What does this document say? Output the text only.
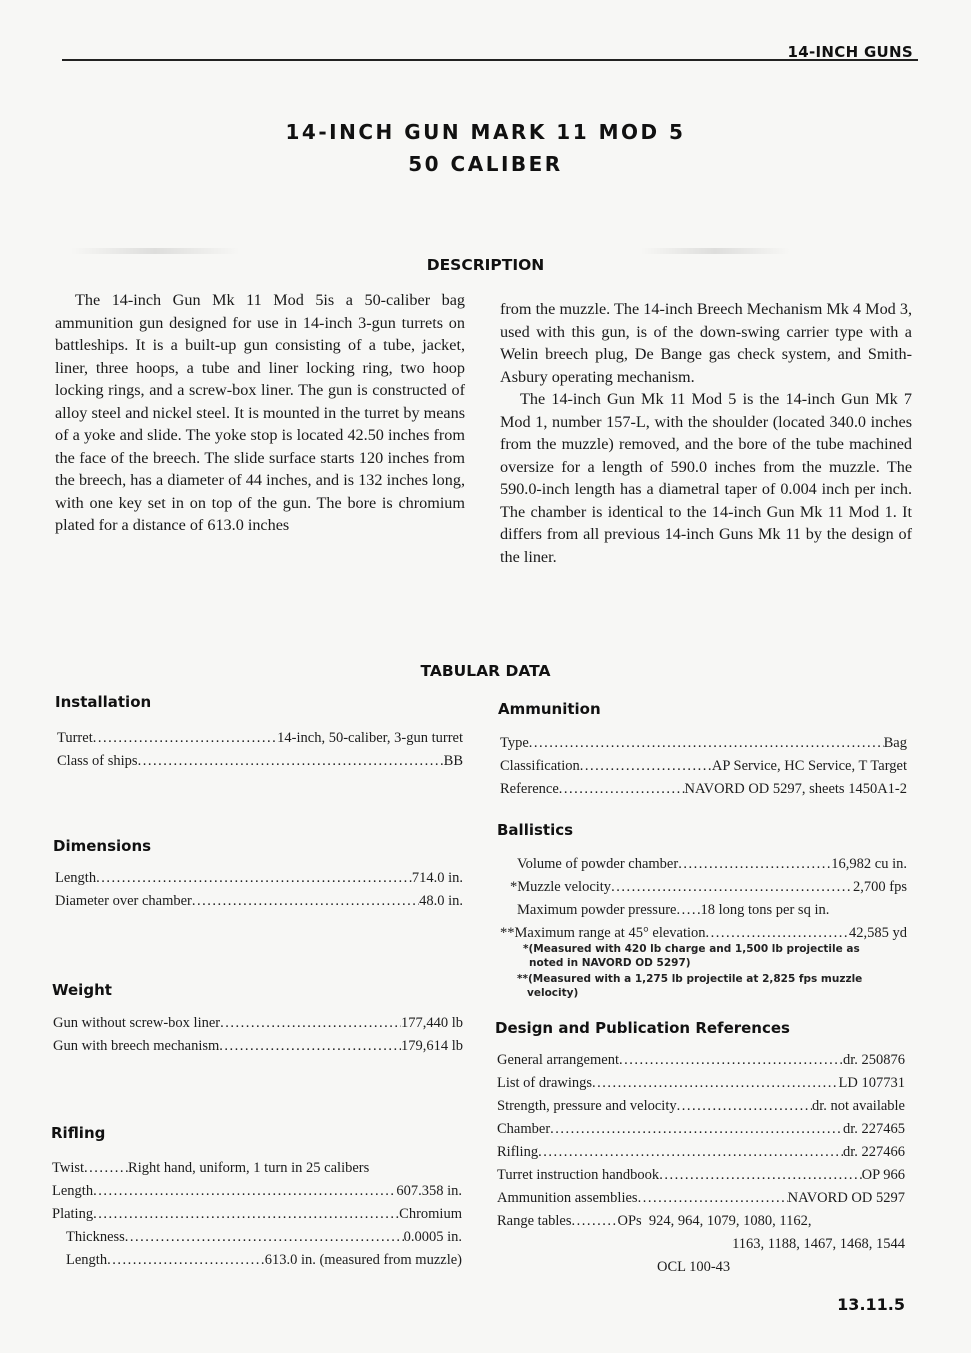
14-INCH GUNS
14-INCH GUN MARK 11 MOD 5
50 CALIBER
DESCRIPTION

The 14-inch Gun Mk 11 Mod 5is a 50-caliber bag ammunition gun designed for use in 14-inch 3-gun turrets on battleships. It is a built-up gun consisting of a tube, jacket, liner, three hoops, a tube and liner locking ring, two hoop locking rings, and a screw-box liner. The gun is constructed of alloy steel and nickel steel. It is mounted in the turret by means of a yoke and slide. The yoke stop is located 42.50 inches from the face of the breech. The slide surface starts 120 inches from the breech, has a diameter of 44 inches, and is 132 inches long, with one key set in on top of the gun. The bore is chromium plated for a distance of 613.0 inches

from the muzzle. The 14-inch Breech Mechanism Mk 4 Mod 3, used with this gun, is of the down-swing carrier type with a Welin breech plug, De Bange gas check system, and Smith-Asbury operating mechanism.

The 14-inch Gun Mk 11 Mod 5 is the 14-inch Gun Mk 7 Mod 1, number 157-L, with the shoulder (located 340.0 inches from the muzzle) removed, and the bore of the tube machined oversize for a length of 590.0 inches from the muzzle. The 590.0-inch length has a diametral taper of 0.004 inch per inch. The chamber is identical to the 14-inch Gun Mk 11 Mod 1. It differs from all previous 14-inch Guns Mk 11 by the design of the liner.

TABULAR DATA
Installation
Turret .....	14-inch, 50-caliber, 3-gun turret
Class of ships .....	BB
Dimensions
Length .....	714.0 in.
Diameter over chamber .....	48.0 in.
Weight
Gun without screw-box liner .....	177,440 lb
Gun with breech mechanism .....	179,614 lb
Rifling
Twist .....	Right hand, uniform, 1 turn in 25 calibers
Length .....	607.358 in.
Plating .....	Chromium
Thickness .....	0.0005 in.
Length .....	613.0 in. (measured from muzzle)
Ammunition
Type .....	Bag
Classification .....	AP Service, HC Service, T Target
Reference .....	NAVORD OD 5297, sheets 1450A1-2
Ballistics
Volume of powder chamber .....	16,982 cu in.
*Muzzle velocity .....	2,700 fps
Maximum powder pressure ..... 18 long tons per sq in.
**Maximum range at 45° elevation .....	42,585 yd
*(Measured with 420 lb charge and 1,500 lb projectile as noted in NAVORD OD 5297)
**(Measured with a 1,275 lb projectile at 2,825 fps muzzle velocity)
Design and Publication References
General arrangement .....	dr. 250876
List of drawings .....	LD 107731
Strength, pressure and velocity .....	dr. not available
Chamber .....	dr. 227465
Rifling .....	dr. 227466
Turret instruction handbook .....	OP 966
Ammunition assemblies .....	NAVORD OD 5297
Range tables .....	OPs  924, 964, 1079, 1080, 1162,
1163, 1188, 1467, 1468, 1544
OCL 100-43
13.11.5
